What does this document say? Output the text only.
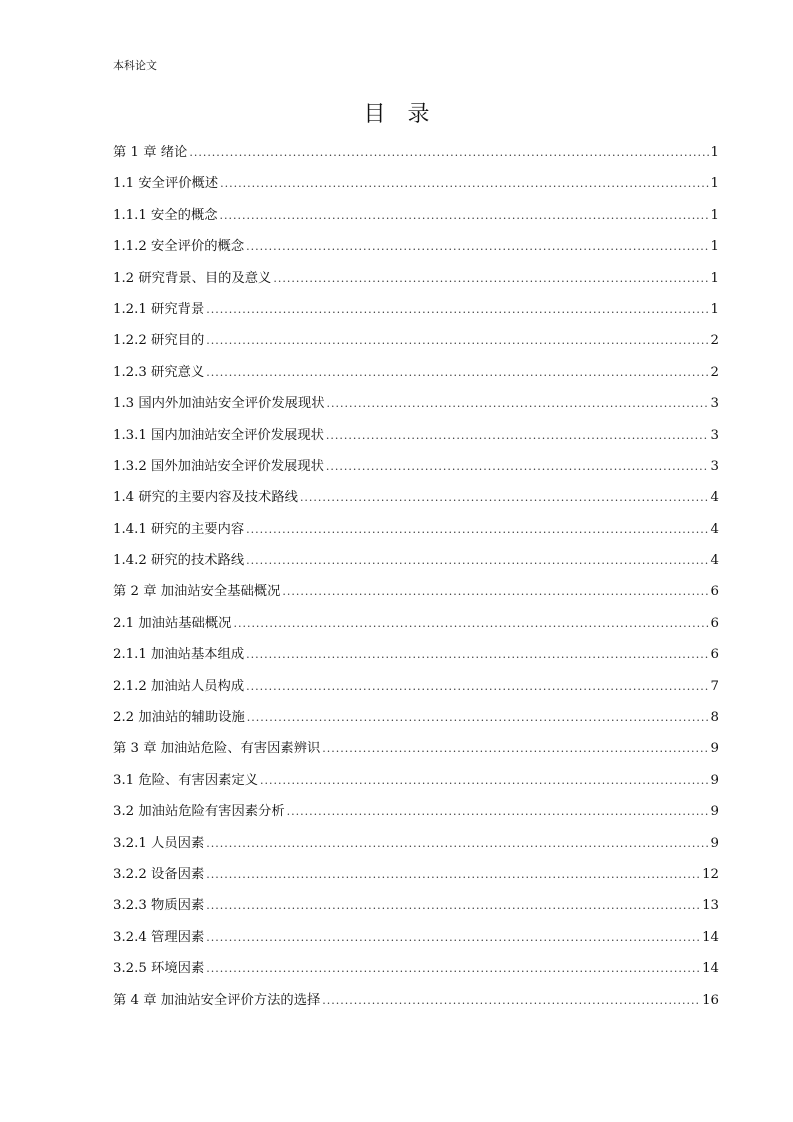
本科论文
目　录
第 1 章 绪论 .....	1
1.1 安全评价概述 .....	1
1.1.1 安全的概念 .....	1
1.1.2 安全评价的概念 .....	1
1.2 研究背景、目的及意义 .....	1
1.2.1 研究背景 .....	1
1.2.2 研究目的 .....	2
1.2.3 研究意义 .....	2
1.3 国内外加油站安全评价发展现状 .....	3
1.3.1 国内加油站安全评价发展现状 .....	3
1.3.2 国外加油站安全评价发展现状 .....	3
1.4 研究的主要内容及技术路线 .....	4
1.4.1 研究的主要内容 .....	4
1.4.2 研究的技术路线 .....	4
第 2 章 加油站安全基础概况 .....	6
2.1 加油站基础概况 .....	6
2.1.1 加油站基本组成 .....	6
2.1.2 加油站人员构成 .....	7
2.2 加油站的辅助设施 .....	8
第 3 章 加油站危险、有害因素辨识 .....	9
3.1 危险、有害因素定义 .....	9
3.2 加油站危险有害因素分析 .....	9
3.2.1 人员因素 .....	9
3.2.2 设备因素 .....	12
3.2.3 物质因素 .....	13
3.2.4 管理因素 .....	14
3.2.5 环境因素 .....	14
第 4 章 加油站安全评价方法的选择 .....	16
